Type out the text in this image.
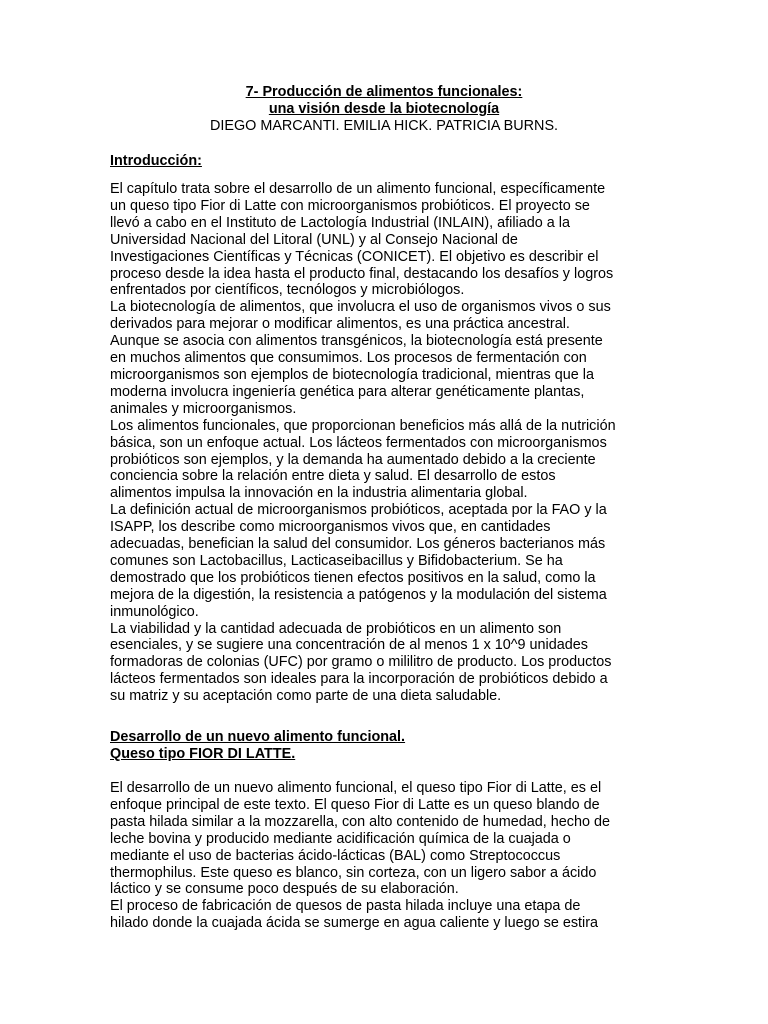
7- Producción de alimentos funcionales:
una visión desde la biotecnología
DIEGO MARCANTI. EMILIA HICK. PATRICIA BURNS.
Introducción:
El capítulo trata sobre el desarrollo de un alimento funcional, específicamente
un queso tipo Fior di Latte con microorganismos probióticos. El proyecto se
llevó a cabo en el Instituto de Lactología Industrial (INLAIN), afiliado a la
Universidad Nacional del Litoral (UNL) y al Consejo Nacional de
Investigaciones Científicas y Técnicas (CONICET). El objetivo es describir el
proceso desde la idea hasta el producto final, destacando los desafíos y logros
enfrentados por científicos, tecnólogos y microbiólogos.
La biotecnología de alimentos, que involucra el uso de organismos vivos o sus
derivados para mejorar o modificar alimentos, es una práctica ancestral.
Aunque se asocia con alimentos transgénicos, la biotecnología está presente
en muchos alimentos que consumimos. Los procesos de fermentación con
microorganismos son ejemplos de biotecnología tradicional, mientras que la
moderna involucra ingeniería genética para alterar genéticamente plantas,
animales y microorganismos.
Los alimentos funcionales, que proporcionan beneficios más allá de la nutrición
básica, son un enfoque actual. Los lácteos fermentados con microorganismos
probióticos son ejemplos, y la demanda ha aumentado debido a la creciente
conciencia sobre la relación entre dieta y salud. El desarrollo de estos
alimentos impulsa la innovación en la industria alimentaria global.
La definición actual de microorganismos probióticos, aceptada por la FAO y la
ISAPP, los describe como microorganismos vivos que, en cantidades
adecuadas, benefician la salud del consumidor. Los géneros bacterianos más
comunes son Lactobacillus, Lacticaseibacillus y Bifidobacterium. Se ha
demostrado que los probióticos tienen efectos positivos en la salud, como la
mejora de la digestión, la resistencia a patógenos y la modulación del sistema
inmunológico.
La viabilidad y la cantidad adecuada de probióticos en un alimento son
esenciales, y se sugiere una concentración de al menos 1 x 10^9 unidades
formadoras de colonias (UFC) por gramo o mililitro de producto. Los productos
lácteos fermentados son ideales para la incorporación de probióticos debido a
su matriz y su aceptación como parte de una dieta saludable.
Desarrollo de un nuevo alimento funcional.
Queso tipo FIOR DI LATTE.
El desarrollo de un nuevo alimento funcional, el queso tipo Fior di Latte, es el
enfoque principal de este texto. El queso Fior di Latte es un queso blando de
pasta hilada similar a la mozzarella, con alto contenido de humedad, hecho de
leche bovina y producido mediante acidificación química de la cuajada o
mediante el uso de bacterias ácido-lácticas (BAL) como Streptococcus
thermophilus. Este queso es blanco, sin corteza, con un ligero sabor a ácido
láctico y se consume poco después de su elaboración.
El proceso de fabricación de quesos de pasta hilada incluye una etapa de
hilado donde la cuajada ácida se sumerge en agua caliente y luego se estira
